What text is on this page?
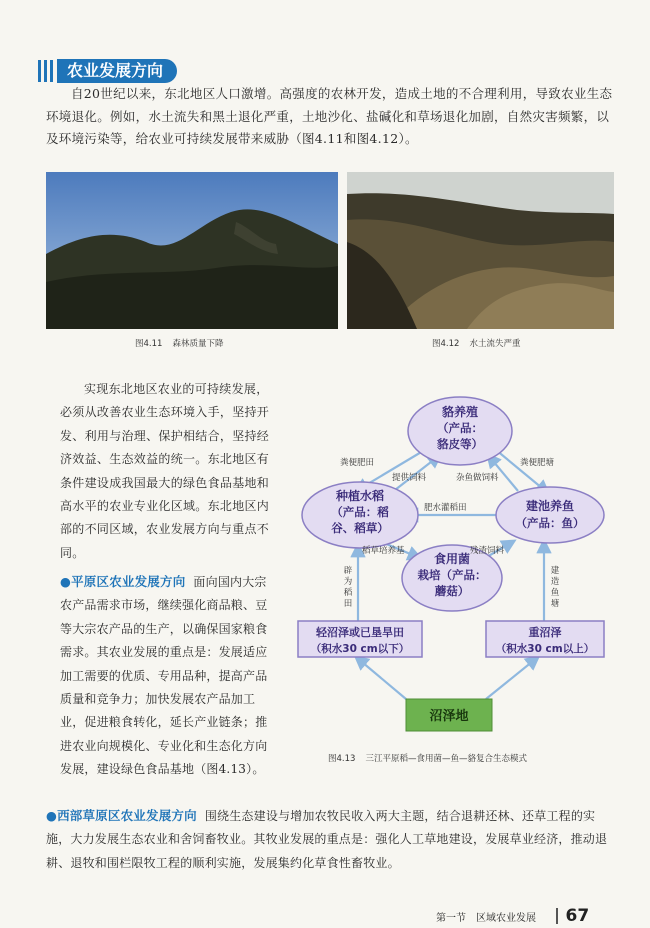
农业发展方向
自20世纪以来，东北地区人口激增。高强度的农林开发，造成土地的不合理利用，导致农业生态环境退化。例如，水土流失和黑土退化严重，土地沙化、盐碱化和草场退化加剧，自然灾害频繁，以及环境污染等，给农业可持续发展带来威胁（图4.11和图4.12）。
图4.11 森林质量下降	图4.12 水土流失严重
实现东北地区农业的可持续发展，必须从改善农业生态环境入手，坚持开发、利用与治理、保护相结合，坚持经济效益、生态效益的统一。东北地区有条件建设成我国最大的绿色食品基地和高水平的农业专业化区域。东北地区内部的不同区域，农业发展方向与重点不同。
●平原区农业发展方向 面向国内大宗农产品需求市场，继续强化商品粮、豆等大宗农产品的生产，以确保国家粮食需求。其农业发展的重点是：发展适应加工需要的优质、专用品种，提高产品质量和竞争力；加快发展农产品加工业，促进粮食转化，延长产业链条；推进农业向规模化、专业化和生态化方向发展，建设绿色食品基地（图4.13）。
貉养殖
（产品：
貉皮等）
种植水稻
（产品：稻
谷、稻草）
建池养鱼
（产品：鱼）
食用菌
栽培（产品：
蘑菇）
轻沼泽或已垦旱田
（积水30 cm以下）
重沼泽
（积水30 cm以上）
沼泽地
粪便肥田
提供饲料	杂鱼做饲料
粪便肥塘
肥水灌稻田
稻草培养基	残渣饲料
辟
为
稻
田
建
造
鱼
塘
图4.13 三江平原稻—食用菌—鱼—貉复合生态模式
●西部草原区农业发展方向 围绕生态建设与增加农牧民收入两大主题，结合退耕还林、还草工程的实施，大力发展生态农业和舍饲畜牧业。其牧业发展的重点是：强化人工草地建设，发展草业经济，推动退耕、退牧和围栏限牧工程的顺利实施，发展集约化草食性畜牧业。
第一节　区域农业发展 67
